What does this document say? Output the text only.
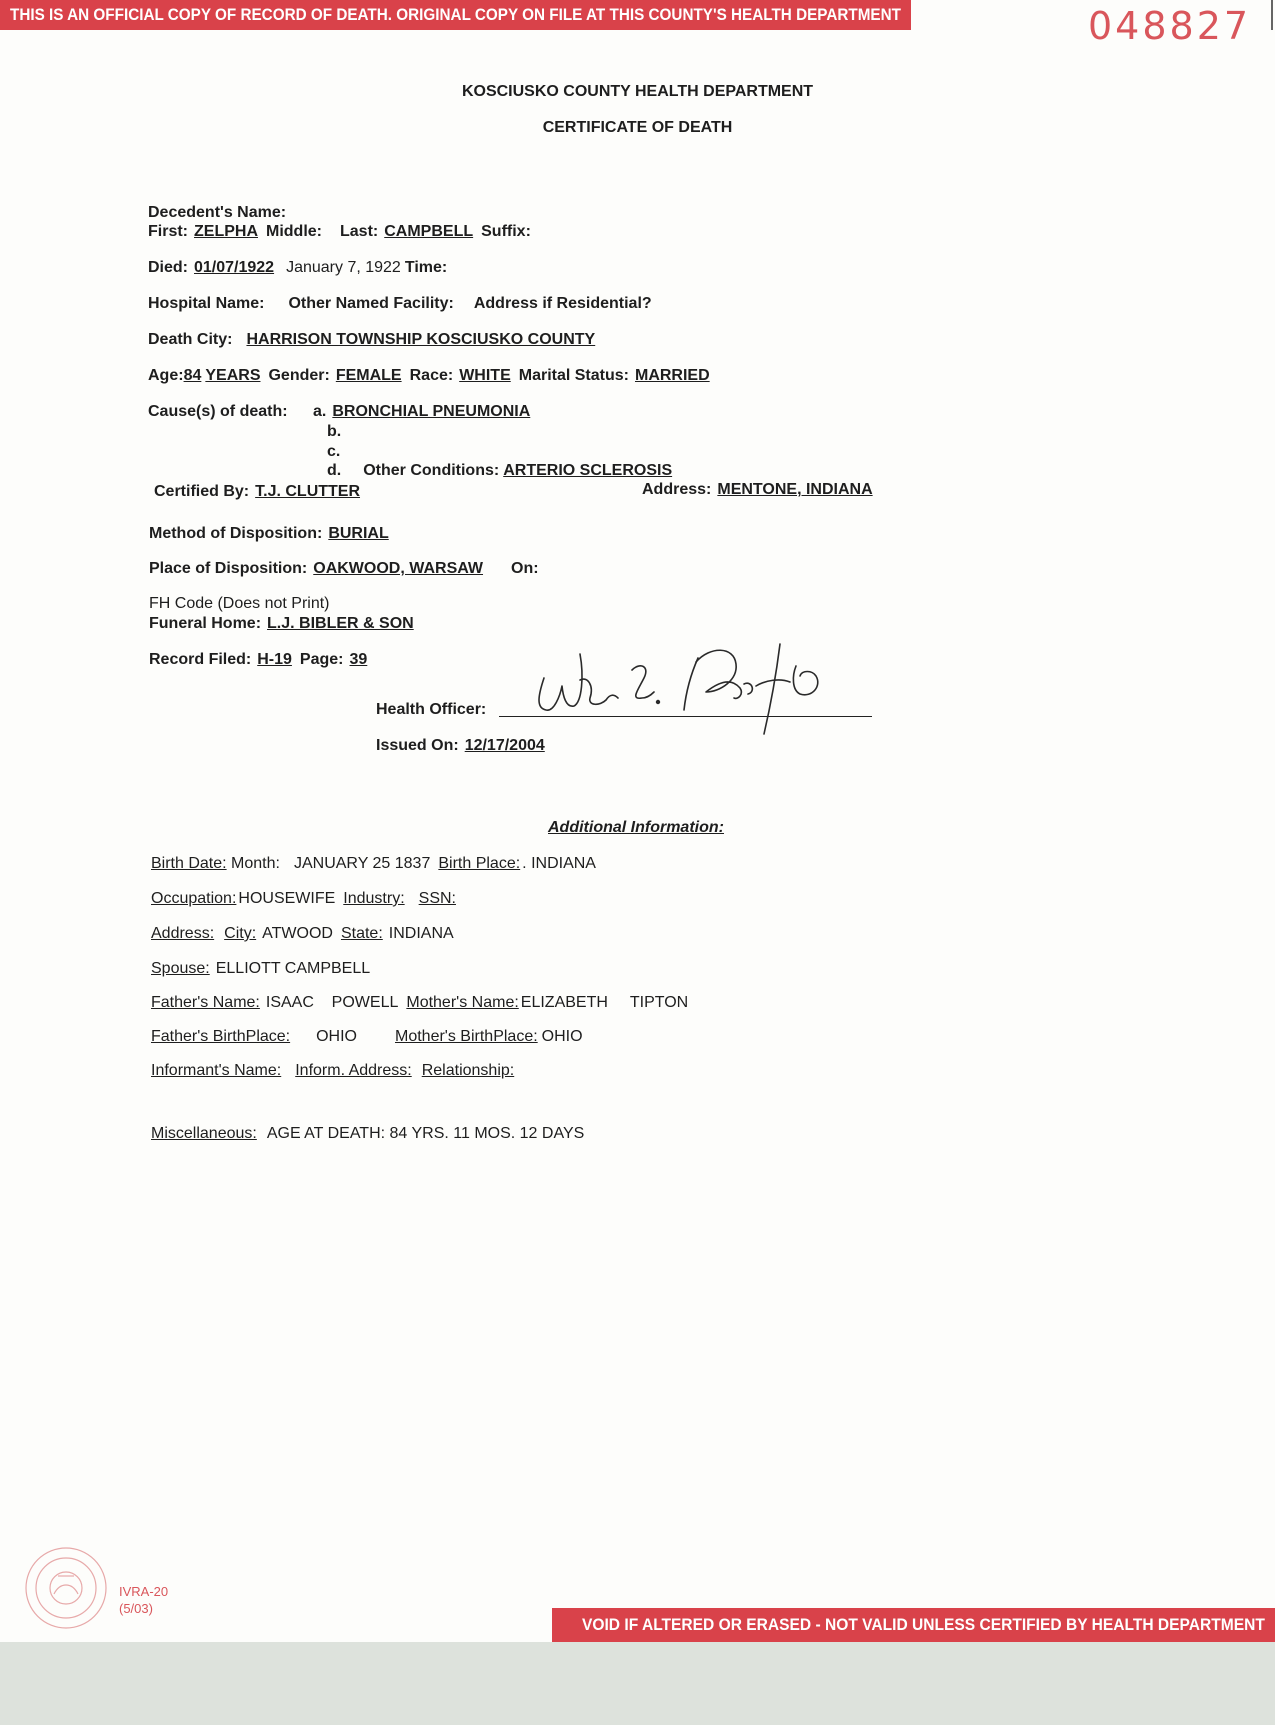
THIS IS AN OFFICIAL COPY OF RECORD OF DEATH. ORIGINAL COPY ON FILE AT THIS COUNTY'S HEALTH DEPARTMENT	048827
KOSCIUSKO COUNTY HEALTH DEPARTMENT
CERTIFICATE OF DEATH
Decedent's Name:
First: ZELPHA Middle: Last: CAMPBELL Suffix:
Died: 01/07/1922 January 7, 1922 Time:
Hospital Name: Other Named Facility: Address if Residential?
Death City: HARRISON TOWNSHIP KOSCIUSKO COUNTY
Age:84 YEARS Gender: FEMALE Race: WHITE Marital Status: MARRIED
Cause(s) of death: a. BRONCHIAL PNEUMONIA
b.
c.
d. Other Conditions: ARTERIO SCLEROSIS
Certified By: T.J. CLUTTER	Address: MENTONE, INDIANA
Method of Disposition: BURIAL
Place of Disposition: OAKWOOD, WARSAW On:
FH Code (Does not Print)
Funeral Home: L.J. BIBLER & SON
Record Filed: H-19 Page: 39
Health Officer:
Issued On: 12/17/2004
Additional Information:
Birth Date: Month: JANUARY 25 1837 Birth Place: . INDIANA
Occupation: HOUSEWIFE Industry: SSN:
Address: City: ATWOOD State: INDIANA
Spouse: ELLIOTT CAMPBELL
Father's Name: ISAAC    POWELL Mother's Name: ELIZABETH     TIPTON
Father's BirthPlace: OHIO Mother's BirthPlace: OHIO
Informant's Name: Inform. Address: Relationship:
Miscellaneous: AGE AT DEATH: 84 YRS. 11 MOS. 12 DAYS
IVRA-20
(5/03)
VOID IF ALTERED OR ERASED - NOT VALID UNLESS CERTIFIED BY HEALTH DEPARTMENT
